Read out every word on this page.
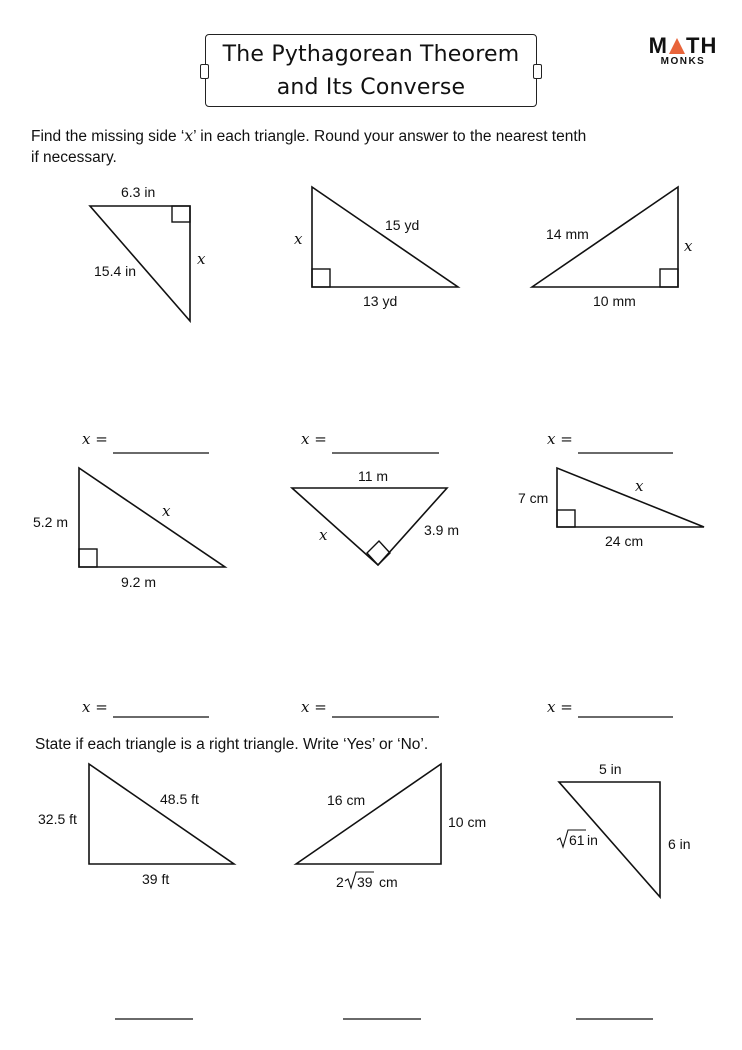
The Pythagorean Theorem
and Its Converse
M TH
MONKS
Find the missing side ‘x’ in each triangle. Round your answer to the nearest tenth
if necessary.
State if each triangle is a right triangle. Write ‘Yes’ or ‘No’.
6.3 in
15.4 in
x
x
15 yd
13 yd
14 mm
x
10 mm
x =	x =	x =
5.2 m
x
9.2 m
11 m
x	3.9 m
7 cm
x
24 cm
x =	x =	x =
32.5 ft
48.5 ft
39 ft
16 cm
10 cm
2 39 cm
5 in
61 in	6 in
